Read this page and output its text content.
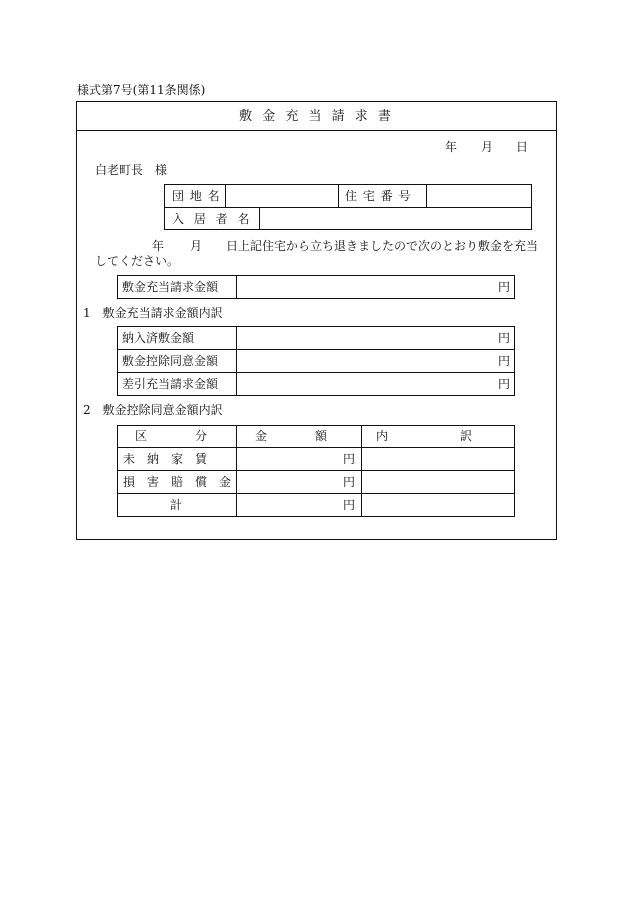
様式第7号(第11条関係)
敷 金 充 当 請 求 書
年 月 日
白老町長　様
団 地 名	住 宅 番 号
入 居 者 名
年 月 日上記住宅から立ち退きましたので次のとおり敷金を充当
してください。
敷金充当請求金額	円
1　敷金充当請求金額内訳
納入済敷金額	円
敷金控除同意金額	円
差引充当請求金額	円
2　敷金控除同意金額内訳
区　　　　分	金　　　　額	内　　　　　　訳
未　納　家　賃	円
損　害　賠　償　金	円
計	円
